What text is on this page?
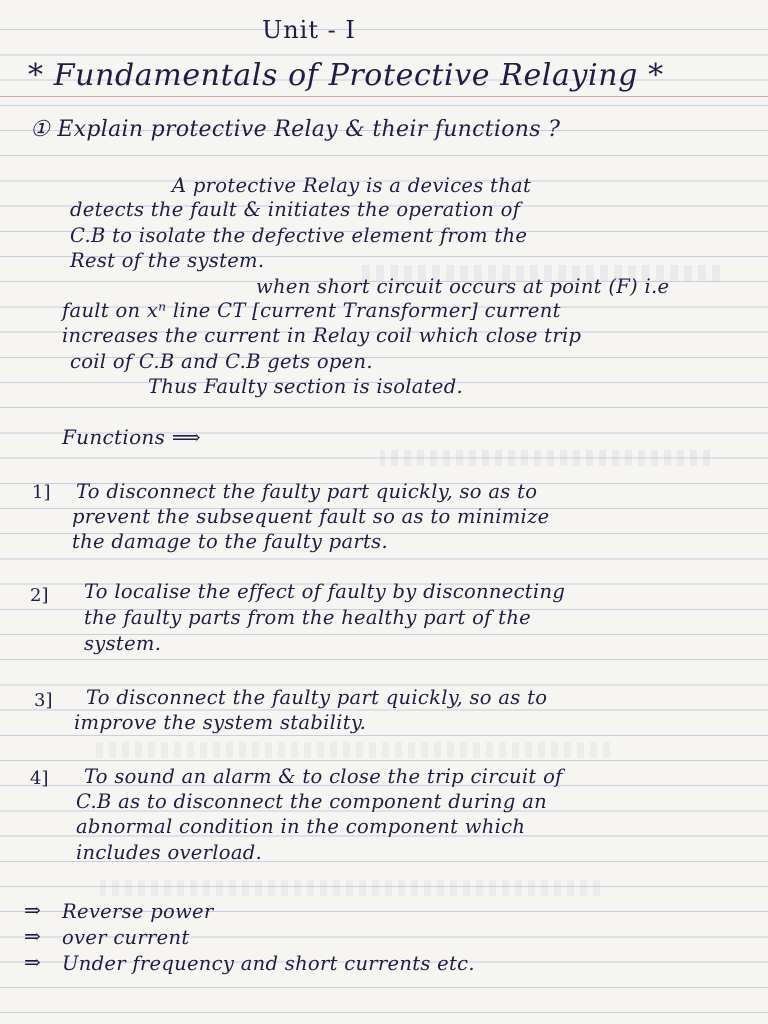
Unit - I
* Fundamentals of Protective Relaying *
① Explain protective Relay & their functions ?
A protective Relay is a devices that
detects the fault & initiates the operation of
C.B to isolate the defective element from the
Rest of the system.
when short circuit occurs at point (F) i.e
fault on xⁿ line CT [current Transformer] current
increases the current in Relay coil which close trip
coil of C.B and C.B gets open.
Thus Faulty section is isolated.
Functions ⟹
1] To disconnect the faulty part quickly, so as to
prevent the subsequent fault so as to minimize
the damage to the faulty parts.
2] To localise the effect of faulty by disconnecting
the faulty parts from the healthy part of the
system.
3] To disconnect the faulty part quickly, so as to
improve the system stability.
4] To sound an alarm & to close the trip circuit of
C.B as to disconnect the component during an
abnormal condition in the component which
includes overload.
⇒ Reverse power
⇒ over current
⇒ Under frequency and short currents etc.
